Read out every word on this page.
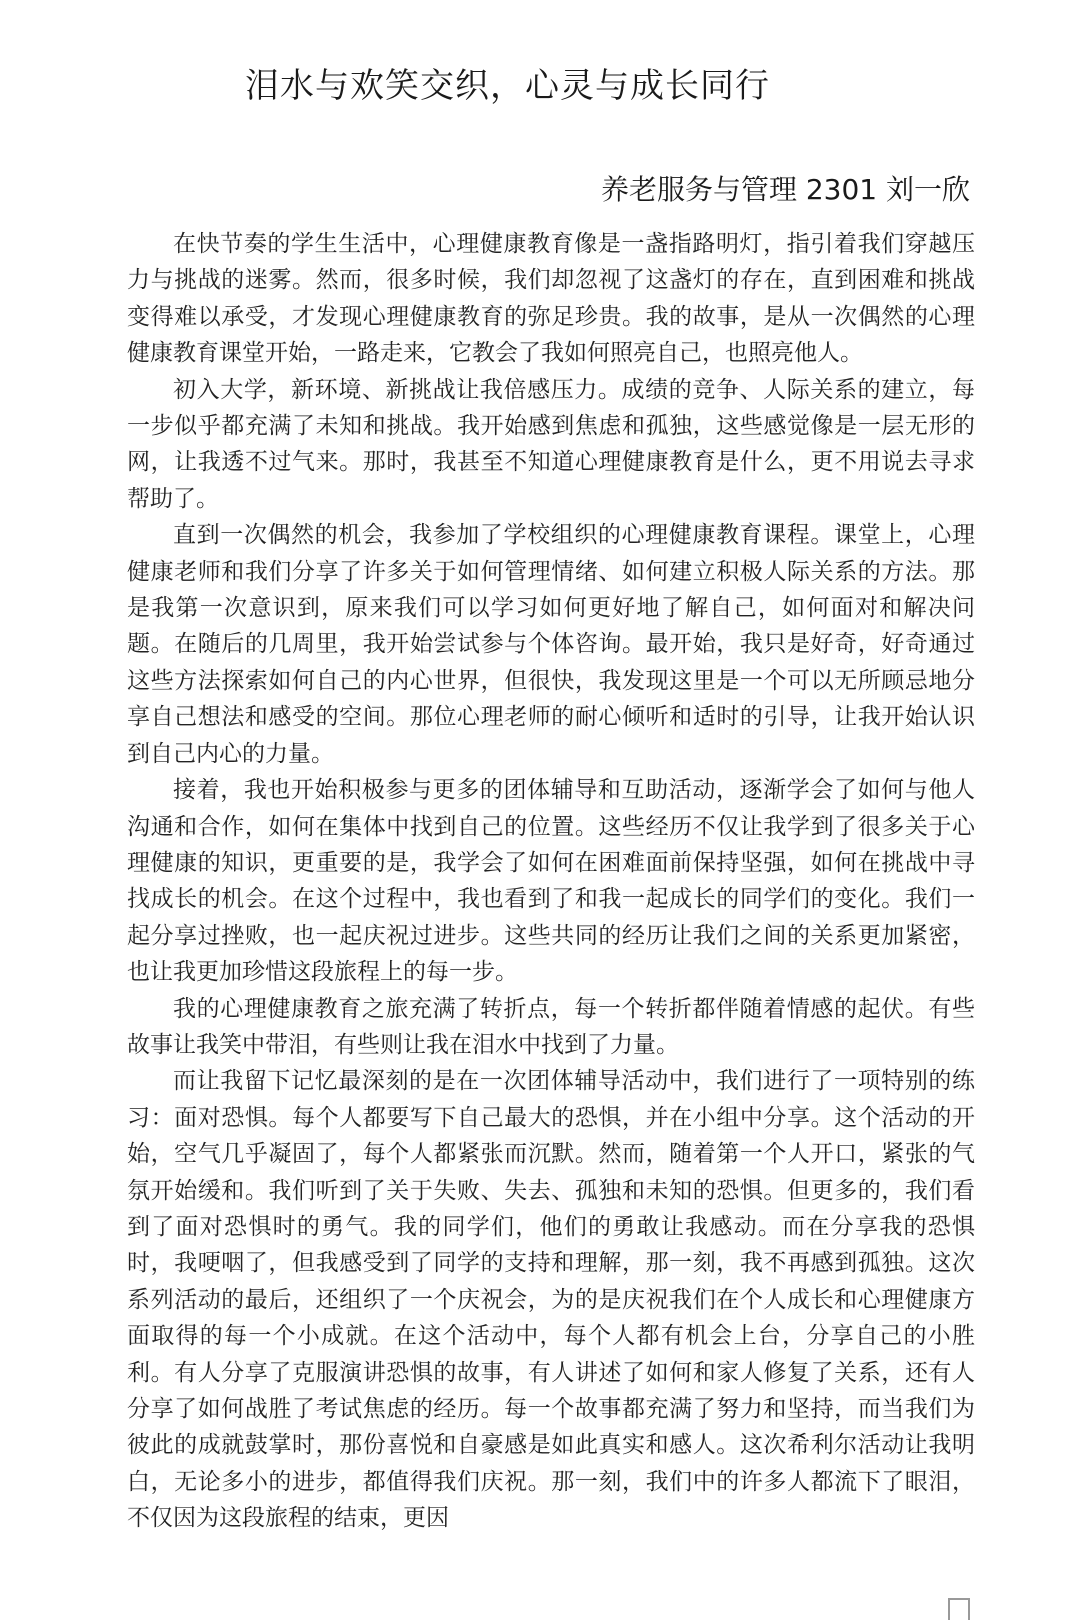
泪水与欢笑交织，心灵与成长同行
养老服务与管理 2301 刘一欣

在快节奏的学生生活中，心理健康教育像是一盏指路明灯，指引着我们穿越压力与挑战的迷雾。然而，很多时候，我们却忽视了这盏灯的存在，直到困难和挑战变得难以承受，才发现心理健康教育的弥足珍贵。我的故事，是从一次偶然的心理健康教育课堂开始，一路走来，它教会了我如何照亮自己，也照亮他人。

初入大学，新环境、新挑战让我倍感压力。成绩的竞争、人际关系的建立，每一步似乎都充满了未知和挑战。我开始感到焦虑和孤独，这些感觉像是一层无形的网，让我透不过气来。那时，我甚至不知道心理健康教育是什么，更不用说去寻求帮助了。

直到一次偶然的机会，我参加了学校组织的心理健康教育课程。课堂上，心理健康老师和我们分享了许多关于如何管理情绪、如何建立积极人际关系的方法。那是我第一次意识到，原来我们可以学习如何更好地了解自己，如何面对和解决问题。在随后的几周里，我开始尝试参与个体咨询。最开始，我只是好奇，好奇通过这些方法探索如何自己的内心世界，但很快，我发现这里是一个可以无所顾忌地分享自己想法和感受的空间。那位心理老师的耐心倾听和适时的引导，让我开始认识到自己内心的力量。

接着，我也开始积极参与更多的团体辅导和互助活动，逐渐学会了如何与他人沟通和合作，如何在集体中找到自己的位置。这些经历不仅让我学到了很多关于心理健康的知识，更重要的是，我学会了如何在困难面前保持坚强，如何在挑战中寻找成长的机会。在这个过程中，我也看到了和我一起成长的同学们的变化。我们一起分享过挫败，也一起庆祝过进步。这些共同的经历让我们之间的关系更加紧密，也让我更加珍惜这段旅程上的每一步。

我的心理健康教育之旅充满了转折点，每一个转折都伴随着情感的起伏。有些故事让我笑中带泪，有些则让我在泪水中找到了力量。

而让我留下记忆最深刻的是在一次团体辅导活动中，我们进行了一项特别的练习：面对恐惧。每个人都要写下自己最大的恐惧，并在小组中分享。这个活动的开始，空气几乎凝固了，每个人都紧张而沉默。然而，随着第一个人开口，紧张的气氛开始缓和。我们听到了关于失败、失去、孤独和未知的恐惧。但更多的，我们看到了面对恐惧时的勇气。我的同学们，他们的勇敢让我感动。而在分享我的恐惧时，我哽咽了，但我感受到了同学的支持和理解，那一刻，我不再感到孤独。这次系列活动的最后，还组织了一个庆祝会，为的是庆祝我们在个人成长和心理健康方面取得的每一个小成就。在这个活动中，每个人都有机会上台，分享自己的小胜利。有人分享了克服演讲恐惧的故事，有人讲述了如何和家人修复了关系，还有人分享了如何战胜了考试焦虑的经历。每一个故事都充满了努力和坚持，而当我们为彼此的成就鼓掌时，那份喜悦和自豪感是如此真实和感人。这次希利尔活动让我明白，无论多小的进步，都值得我们庆祝。那一刻，我们中的许多人都流下了眼泪，不仅因为这段旅程的结束，更因
